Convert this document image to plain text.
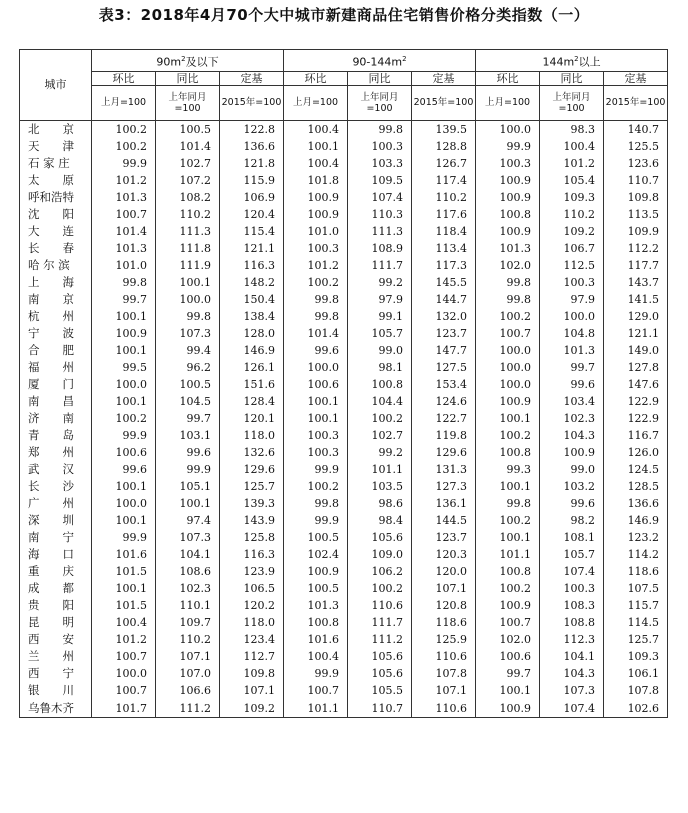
表3：2018年4月70个大中城市新建商品住宅销售价格分类指数（一）
城市	$90m^2$及以下			$90-144m^2$			$144m^2$以上		
	环比	同比	定基	环比	同比	定基	环比	同比	定基
	上月=100	上年同月=100	2015年=100	上月=100	上年同月=100	2015年=100	上月=100	上年同月=100	2015年=100
北　　京	100.2	100.5	122.8	100.4	99.8	139.5	100.0	98.3	140.7
天　　津	100.2	101.4	136.6	100.1	100.3	128.8	99.9	100.4	125.5
石 家 庄	99.9	102.7	121.8	100.4	103.3	126.7	100.3	101.2	123.6
太　　原	101.2	107.2	115.9	101.8	109.5	117.4	100.9	105.4	110.7
呼和浩特	101.3	108.2	106.9	100.9	107.4	110.2	100.9	109.3	109.8
沈　　阳	100.7	110.2	120.4	100.9	110.3	117.6	100.8	110.2	113.5
大　　连	101.4	111.3	115.4	101.0	111.3	118.4	100.9	109.2	109.9
长　　春	101.3	111.8	121.1	100.3	108.9	113.4	101.3	106.7	112.2
哈 尔 滨	101.0	111.9	116.3	101.2	111.7	117.3	102.0	112.5	117.7
上　　海	99.8	100.1	148.2	100.2	99.2	145.5	99.8	100.3	143.7
南　　京	99.7	100.0	150.4	99.8	97.9	144.7	99.8	97.9	141.5
杭　　州	100.1	99.8	138.4	99.8	99.1	132.0	100.2	100.0	129.0
宁　　波	100.9	107.3	128.0	101.4	105.7	123.7	100.7	104.8	121.1
合　　肥	100.1	99.4	146.9	99.6	99.0	147.7	100.0	101.3	149.0
福　　州	99.5	96.2	126.1	100.0	98.1	127.5	100.0	99.7	127.8
厦　　门	100.0	100.5	151.6	100.6	100.8	153.4	100.0	99.6	147.6
南　　昌	100.1	104.5	128.4	100.1	104.4	124.6	100.9	103.4	122.9
济　　南	100.2	99.7	120.1	100.1	100.2	122.7	100.1	102.3	122.9
青　　岛	99.9	103.1	118.0	100.3	102.7	119.8	100.2	104.3	116.7
郑　　州	100.6	99.6	132.6	100.3	99.2	129.6	100.8	100.9	126.0
武　　汉	99.6	99.9	129.6	99.9	101.1	131.3	99.3	99.0	124.5
长　　沙	100.1	105.1	125.7	100.2	103.5	127.3	100.1	103.2	128.5
广　　州	100.0	100.1	139.3	99.8	98.6	136.1	99.8	99.6	136.6
深　　圳	100.1	97.4	143.9	99.9	98.4	144.5	100.2	98.2	146.9
南　　宁	99.9	107.3	125.8	100.5	105.6	123.7	100.1	108.1	123.2
海　　口	101.6	104.1	116.3	102.4	109.0	120.3	101.1	105.7	114.2
重　　庆	101.5	108.6	123.9	100.9	106.2	120.0	100.8	107.4	118.6
成　　都	100.1	102.3	106.5	100.5	100.2	107.1	100.2	100.3	107.5
贵　　阳	101.5	110.1	120.2	101.3	110.6	120.8	100.9	108.3	115.7
昆　　明	100.4	109.7	118.0	100.8	111.7	118.6	100.7	108.8	114.5
西　　安	101.2	110.2	123.4	101.6	111.2	125.9	102.0	112.3	125.7
兰　　州	100.7	107.1	112.7	100.4	105.6	110.6	100.6	104.1	109.3
西　　宁	100.0	107.0	109.8	99.9	105.6	107.8	99.7	104.3	106.1
银　　川	100.7	106.6	107.1	100.7	105.5	107.1	100.1	107.3	107.8
乌鲁木齐	101.7	111.2	109.2	101.1	110.7	110.6	100.9	107.4	102.6
